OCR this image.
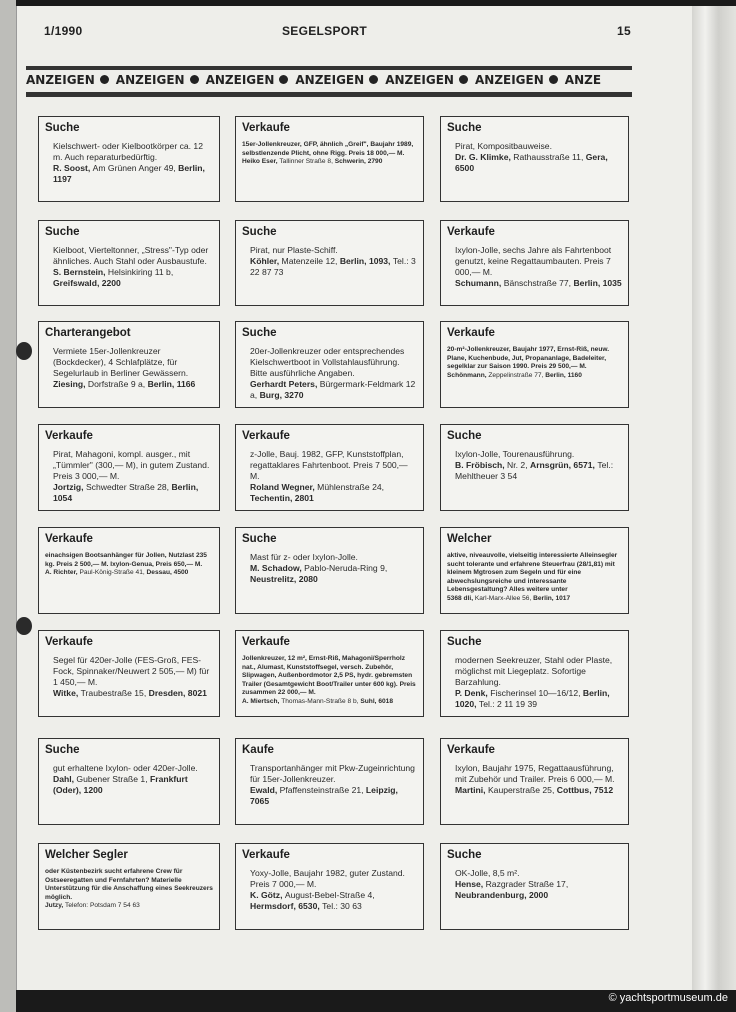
1/1990	SEGELSPORT	15
ANZEIGEN ANZEIGEN ANZEIGEN ANZEIGEN ANZEIGEN ANZEIGEN ANZE
Suche

Kielschwert- oder Kielbootkörper ca. 12 m. Auch reparaturbedürftig.

R. Soost, Am Grünen Anger 49, Berlin, 1197
Suche

Kielboot, Vierteltonner, „Stress"-Typ oder ähnliches. Auch Stahl oder Ausbaustufe.

S. Bernstein, Helsinkiring 11 b, Greifswald, 2200
Charterangebot

Vermiete 15er-Jollenkreuzer (Bockdecker), 4 Schlafplätze, für Segelurlaub in Berliner Gewässern.

Ziesing, Dorfstraße 9 a, Berlin, 1166
Verkaufe

Pirat, Mahagoni, kompl. ausger., mit „Tümmler" (300,— M), in gutem Zustand. Preis 3 000,— M.

Jortzig, Schwedter Straße 28, Berlin, 1054
Verkaufe

einachsigen Bootsanhänger für Jollen, Nutzlast 235 kg. Preis 2 500,— M. Ixylon-Genua, Preis 650,— M.

A. Richter, Paul-König-Straße 41, Dessau, 4500
Verkaufe

Segel für 420er-Jolle (FES-Groß, FES-Fock, Spinnaker/Neuwert 2 505,— M) für 1 450,— M.

Witke, Traubestraße 15, Dresden, 8021
Suche

gut erhaltene Ixylon- oder 420er-Jolle.

Dahl, Gubener Straße 1, Frankfurt (Oder), 1200
Welcher Segler

oder Küstenbezirk sucht erfahrene Crew für Ostseeregatten und Fernfahrten? Materielle Unterstützung für die Anschaffung eines Seekreuzers möglich.

Jutzy, Telefon: Potsdam 7 54 63
Verkaufe

15er-Jollenkreuzer, GFP, ähnlich „Greif", Baujahr 1989, selbstlenzende Plicht, ohne Rigg. Preis 18 000,— M.

Heiko Eser, Tallinner Straße 8, Schwerin, 2790
Suche

Pirat, nur Plaste-Schiff.

Köhler, Matenzeile 12, Berlin, 1093, Tel.: 3 22 87 73
Suche

20er-Jollenkreuzer oder entsprechendes Kielschwertboot in Vollstahlausführung. Bitte ausführliche Angaben.

Gerhardt Peters, Bürgermark-Feldmark 12 a, Burg, 3270
Verkaufe

z-Jolle, Bauj. 1982, GFP, Kunststoffplan, regattaklares Fahrtenboot. Preis 7 500,— M.

Roland Wegner, Mühlenstraße 24, Techentin, 2801
Suche

Mast für z- oder Ixylon-Jolle.

M. Schadow, Pablo-Neruda-Ring 9, Neustrelitz, 2080
Verkaufe

Jollenkreuzer, 12 m², Ernst-Riß, Mahagoni/Sperrholz nat., Alumast, Kunststoffsegel, versch. Zubehör, Slipwagen, Außenbordmotor 2,5 PS, hydr. gebremsten Trailer (Gesamtgewicht Boot/Trailer unter 600 kg). Preis zusammen 22 000,— M.

A. Miertsch, Thomas-Mann-Straße 8 b, Suhl, 6018
Kaufe

Transportanhänger mit Pkw-Zugeinrichtung für 15er-Jollenkreuzer.

Ewald, Pfaffensteinstraße 21, Leipzig, 7065
Verkaufe

Yoxy-Jolle, Baujahr 1982, guter Zustand. Preis 7 000,— M.

K. Götz, August-Bebel-Straße 4, Hermsdorf, 6530, Tel.: 30 63
Suche

Pirat, Kompositbauweise.

Dr. G. Klimke, Rathausstraße 11, Gera, 6500
Verkaufe

Ixylon-Jolle, sechs Jahre als Fahrtenboot genutzt, keine Regattaumbauten. Preis 7 000,— M.

Schumann, Bänschstraße 77, Berlin, 1035
Verkaufe

20-m²-Jollenkreuzer, Baujahr 1977, Ernst-Riß, neuw. Plane, Kuchenbude, Jut, Propananlage, Badeleiter, segelklar zur Saison 1990. Preis 29 500,— M.

Schönmann, Zeppelinstraße 77, Berlin, 1160
Suche

Ixylon-Jolle, Tourenausführung.

B. Fröbisch, Nr. 2, Arnsgrün, 6571, Tel.: Mehltheuer 3 54
Welcher

aktive, niveauvolle, vielseitig interessierte Alleinsegler sucht tolerante und erfahrene Steuerfrau (28/1,81) mit kleinem Mgtrosen zum Segeln und für eine abwechslungsreiche und interessante Lebensgestaltung? Alles weitere unter

5368 dli, Karl-Marx-Allee 56, Berlin, 1017
Suche

modernen Seekreuzer, Stahl oder Plaste, möglichst mit Liegeplatz. Sofortige Barzahlung.

P. Denk, Fischerinsel 10—16/12, Berlin, 1020, Tel.: 2 11 19 39
Verkaufe

Ixylon, Baujahr 1975, Regattaausführung, mit Zubehör und Trailer. Preis 6 000,— M.

Martini, Kauperstraße 25, Cottbus, 7512
Suche

OK-Jolle, 8,5 m².

Hense, Razgrader Straße 17, Neubrandenburg, 2000
© yachtsportmuseum.de
